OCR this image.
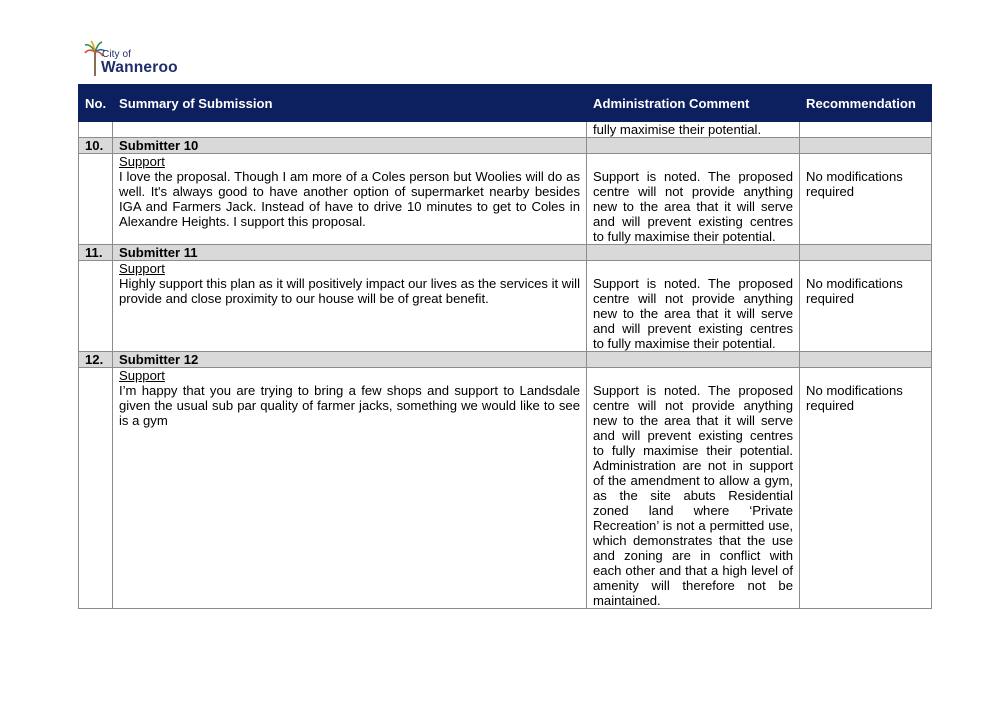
City of
Wanneroo
No.	Summary of Submission	Administration Comment	Recommendation
		fully maximise their potential.	
10.	Submitter 10		

	Support
I love the proposal. Though I am more of a Coles person but Woolies will do as well. It's always good to have another option of supermarket nearby besides IGA and Farmers Jack. Instead of have to drive 10 minutes to get to Coles in Alexandre Heights. I support this proposal.	Support is noted. The proposed centre will not provide anything new to the area that it will serve and will prevent existing centres to fully maximise their potential.	No modifications required

11.	Submitter 11		

	Support
Highly support this plan as it will positively impact our lives as the services it will provide and close proximity to our house will be of great benefit.	Support is noted. The proposed centre will not provide anything new to the area that it will serve and will prevent existing centres to fully maximise their potential.	No modifications required

12.	Submitter 12		

	Support
I’m happy that you are trying to bring a few shops and support to Landsdale given the usual sub par quality of farmer jacks, something we would like to see is a gym	Support is noted. The proposed centre will not provide anything new to the area that it will serve and will prevent existing centres to fully maximise their potential. Administration are not in support of the amendment to allow a gym, as the site abuts Residential zoned land where ‘Private Recreation’ is not a permitted use, which demonstrates that the use and zoning are in conflict with each other and that a high level of amenity will therefore not be maintained.	No modifications required
